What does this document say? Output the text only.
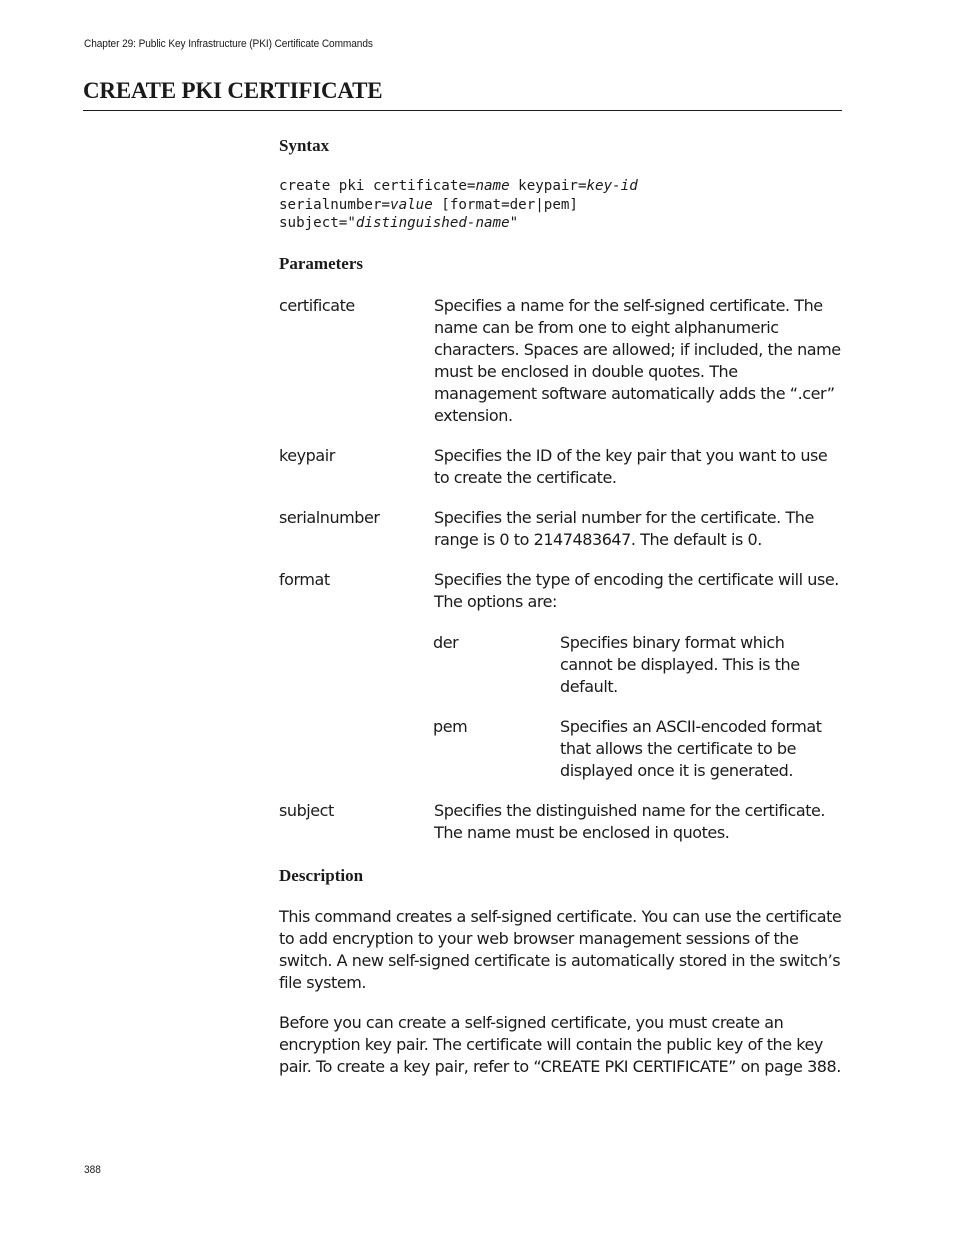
Chapter 29: Public Key Infrastructure (PKI) Certificate Commands
CREATE PKI CERTIFICATE
Syntax
create pki certificate=name keypair=key-id
serialnumber=value [format=der|pem]
subject="distinguished-name"
Parameters
certificate	Specifies a name for the self-signed certificate. The name can be from one to eight alphanumeric characters. Spaces are allowed; if included, the name must be enclosed in double quotes. The management software automatically adds the “.cer” extension.
keypair	Specifies the ID of the key pair that you want to use to create the certificate.
serialnumber	Specifies the serial number for the certificate. The range is 0 to 2147483647. The default is 0.
format	Specifies the type of encoding the certificate will use. The options are:
der	Specifies binary format which cannot be displayed. This is the default.
pem	Specifies an ASCII-encoded format that allows the certificate to be displayed once it is generated.
subject	Specifies the distinguished name for the certificate. The name must be enclosed in quotes.
Description

This command creates a self-signed certificate. You can use the certificate to add encryption to your web browser management sessions of the switch. A new self-signed certificate is automatically stored in the switch’s file system.

Before you can create a self-signed certificate, you must create an encryption key pair. The certificate will contain the public key of the key pair. To create a key pair, refer to “CREATE PKI CERTIFICATE” on page 388.

388
